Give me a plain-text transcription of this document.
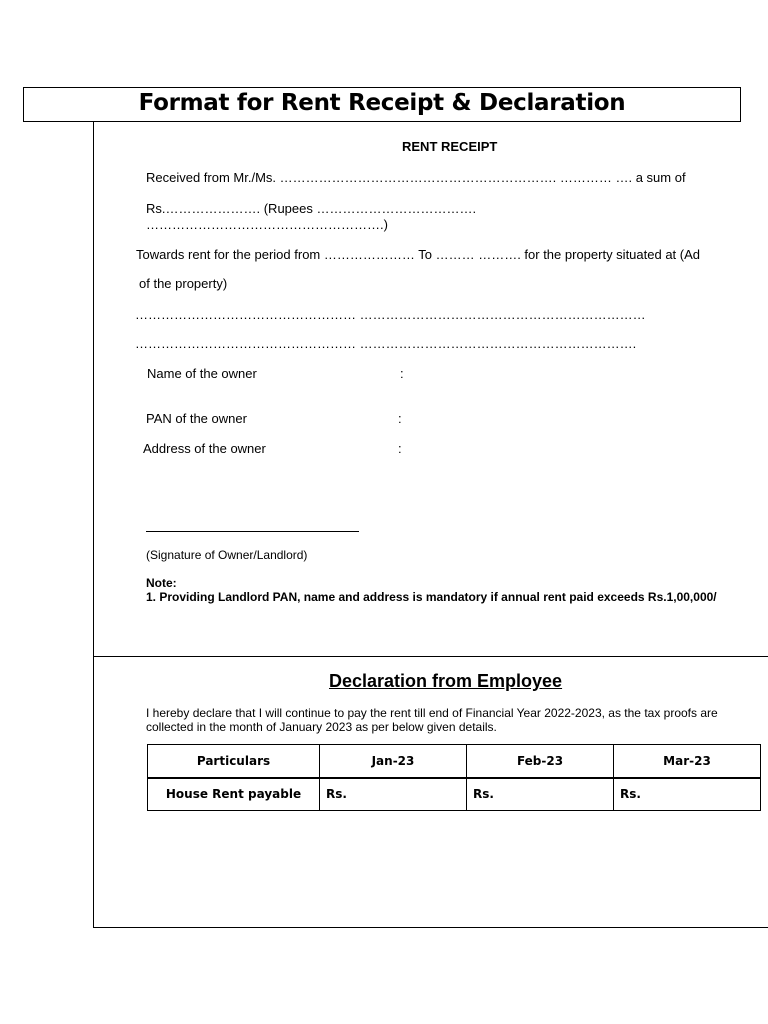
Format for Rent Receipt & Declaration
RENT RECEIPT
Received from Mr./Ms. ………………………………………………………. ………… …. a sum of
Rs.…………………. (Rupees ……………………………….
……………………………………………….)
Towards rent for the period from ………………… To ……… ………. for the property situated at (Ad
of the property)
…………………………………………… …………………………………………………………
…………………………………………… ……………………………………………………….
Name of the owner	:
PAN of the owner	:
Address of the owner	:
(Signature of Owner/Landlord)
Note:
1. Providing Landlord PAN, name and address is mandatory if annual rent paid exceeds Rs.1,00,000/
Declaration from Employee
I hereby declare that I will continue to pay the rent till end of Financial Year 2022-2023, as the tax proofs are
collected in the month of January 2023 as per below given details.
Particulars	Jan-23	Feb-23	Mar-23
House Rent payable	Rs.	Rs.	Rs.
